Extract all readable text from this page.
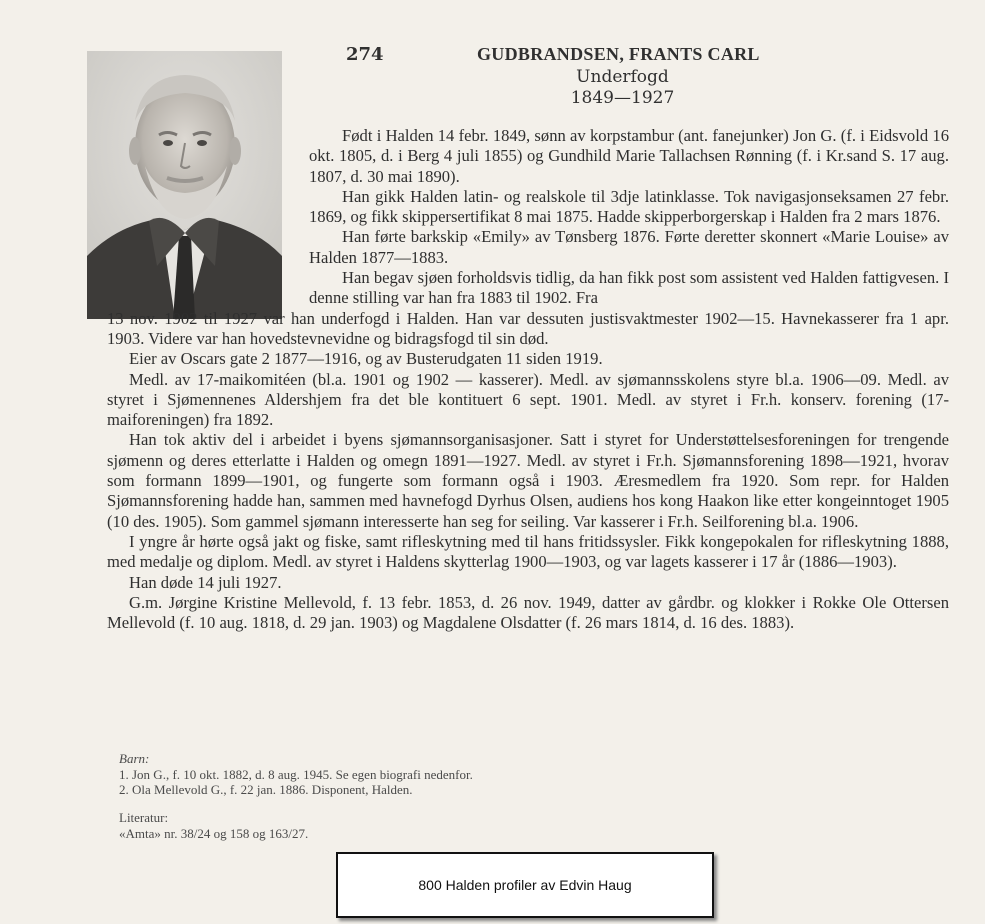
274	GUDBRANDSEN, FRANTS CARL
Underfogd
1849—1927

Født i Halden 14 febr. 1849, sønn av korpstambur (ant. fanejunker) Jon G. (f. i Eidsvold 16 okt. 1805, d. i Berg 4 juli 1855) og Gundhild Marie Tallachsen Rønning (f. i Kr.sand S. 17 aug. 1807, d. 30 mai 1890).

Han gikk Halden latin- og realskole til 3dje latinklasse. Tok navigasjonseksamen 27 febr. 1869, og fikk skippersertifikat 8 mai 1875. Hadde skipperborgerskap i Halden fra 2 mars 1876.

Han førte barkskip «Emily» av Tønsberg 1876. Førte deretter skonnert «Marie Louise» av Halden 1877—1883.

Han begav sjøen forholdsvis tidlig, da han fikk post som assistent ved Halden fattigvesen. I denne stilling var han fra 1883 til 1902. Fra

13 nov. 1902 til 1927 var han underfogd i Halden. Han var dessuten justisvaktmester 1902—15. Havnekasserer fra 1 apr. 1903. Videre var han hovedstevnevidne og bidragsfogd til sin død.

Eier av Oscars gate 2 1877—1916, og av Busterudgaten 11 siden 1919.

Medl. av 17-maikomitéen (bl.a. 1901 og 1902 — kasserer). Medl. av sjømannsskolens styre bl.a. 1906—09. Medl. av styret i Sjømennenes Aldershjem fra det ble kontituert 6 sept. 1901. Medl. av styret i Fr.h. konserv. forening (17-maiforeningen) fra 1892.

Han tok aktiv del i arbeidet i byens sjømannsorganisasjoner. Satt i styret for Understøttelsesforeningen for trengende sjømenn og deres etterlatte i Halden og omegn 1891—1927. Medl. av styret i Fr.h. Sjømannsforening 1898—1921, hvorav som formann 1899—1901, og fungerte som formann også i 1903. Æresmedlem fra 1920. Som repr. for Halden Sjømannsforening hadde han, sammen med havnefogd Dyrhus Olsen, audiens hos kong Haakon like etter kongeinntoget 1905 (10 des. 1905). Som gammel sjømann interesserte han seg for seiling. Var kasserer i Fr.h. Seilforening bl.a. 1906.

I yngre år hørte også jakt og fiske, samt rifleskytning med til hans fritidssysler. Fikk kongepokalen for rifleskytning 1888, med medalje og diplom. Medl. av styret i Haldens skytterlag 1900—1903, og var lagets kasserer i 17 år (1886—1903).

Han døde 14 juli 1927.

G.m. Jørgine Kristine Mellevold, f. 13 febr. 1853, d. 26 nov. 1949, datter av gårdbr. og klokker i Rokke Ole Ottersen Mellevold (f. 10 aug. 1818, d. 29 jan. 1903) og Magdalene Olsdatter (f. 26 mars 1814, d. 16 des. 1883).

Barn:
1. Jon G., f. 10 okt. 1882, d. 8 aug. 1945. Se egen biografi nedenfor.
2. Ola Mellevold G., f. 22 jan. 1886. Disponent, Halden.
Literatur:
«Amta» nr. 38/24 og 158 og 163/27.
800 Halden profiler av Edvin Haug
